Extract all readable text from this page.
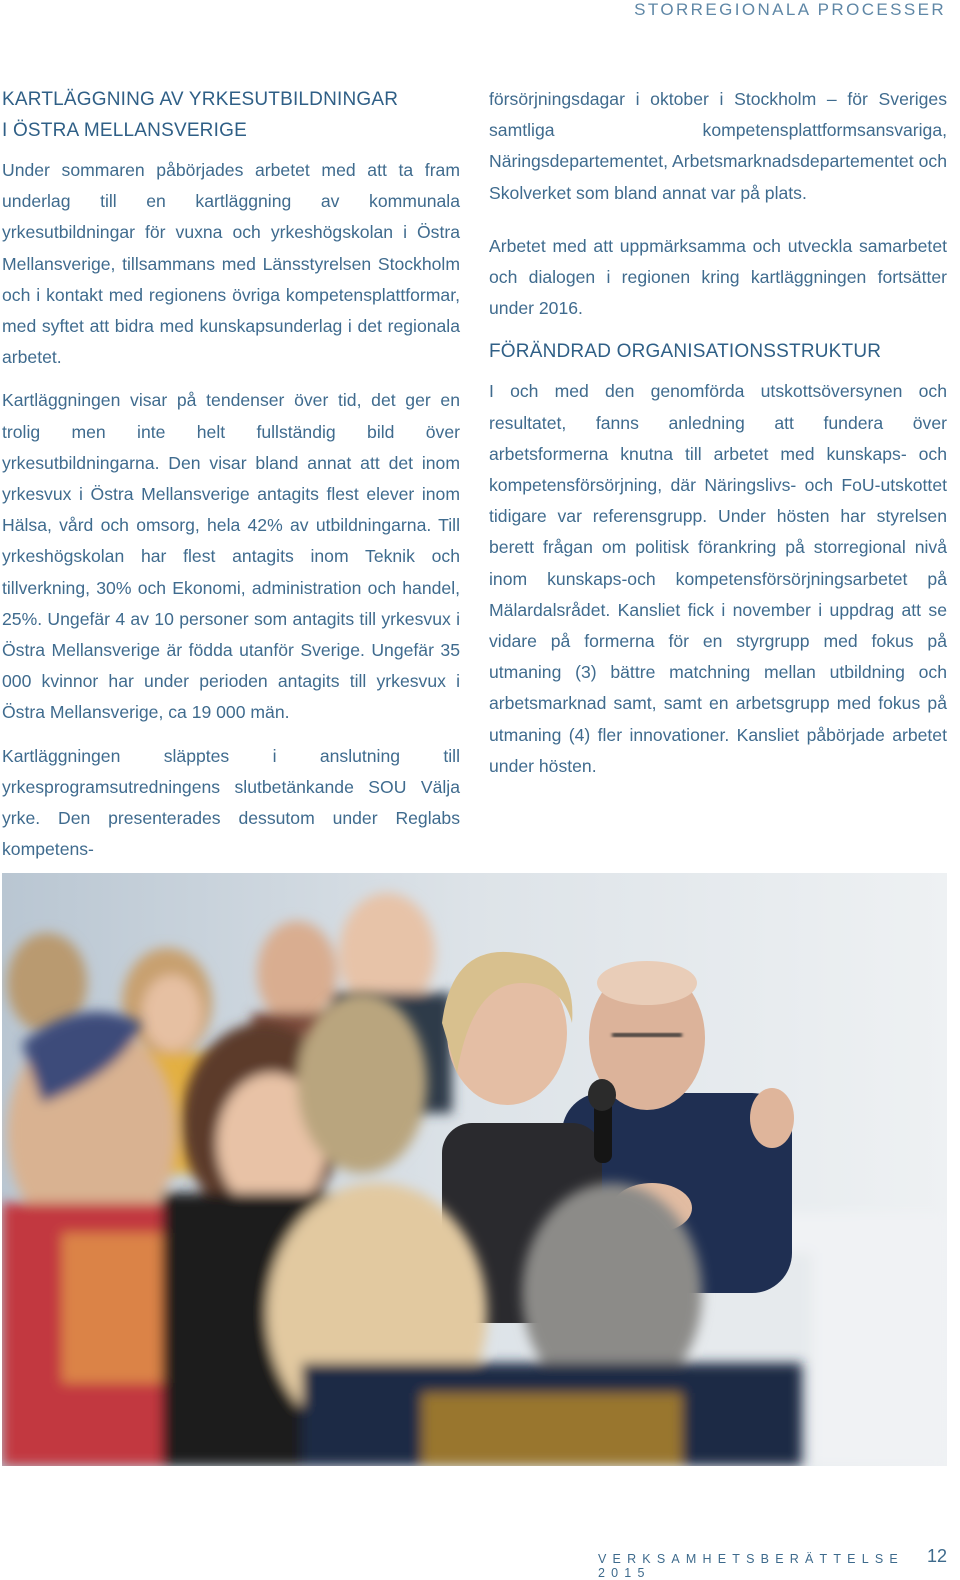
STORREGIONALA PROCESSER
KARTLÄGGNING AV YRKESUTBILDNINGAR
I ÖSTRA MELLANSVERIGE

Under sommaren påbörjades arbetet med att ta fram underlag till en kartläggning av kommunala yrkesutbildningar för vuxna och yrkeshögskolan i Östra Mellansverige, tillsammans med Länsstyrelsen Stockholm och i kontakt med regionens övriga kompetensplattformar, med syftet att bidra med kunskapsunderlag i det regionala arbetet.

Kartläggningen visar på tendenser över tid, det ger en trolig men inte helt fullständig bild över yrkesutbildningarna. Den visar bland annat att det inom yrkesvux i Östra Mellansverige antagits flest elever inom Hälsa, vård och omsorg, hela 42% av utbildningarna. Till yrkeshögskolan har flest antagits inom Teknik och tillverkning, 30% och Ekonomi, administration och handel, 25%. Ungefär 4 av 10 personer som antagits till yrkesvux i Östra Mellansverige är födda utanför Sverige. Ungefär 35 000 kvinnor har under perioden antagits till yrkesvux i Östra Mellansverige, ca 19 000 män.

Kartläggningen släpptes i anslutning till yrkesprogramsutredningens slutbetänkande SOU Välja yrke. Den presenterades dessutom under Reglabs kompetens-

försörjningsdagar i oktober i Stockholm – för Sveriges samtliga kompetensplattformsansvariga, Näringsdepartementet, Arbetsmarknadsdepartementet och Skolverket som bland annat var på plats.

Arbetet med att uppmärksamma och utveckla samarbetet och dialogen i regionen kring kartläggningen fortsätter under 2016.

FÖRÄNDRAD ORGANISATIONSSTRUKTUR

I och med den genomförda utskottsöversynen och resultatet, fanns anledning att fundera över arbetsformerna knutna till arbetet med kunskaps- och kompetensförsörjning, där Näringslivs- och FoU-utskottet tidigare var referensgrupp. Under hösten har styrelsen berett frågan om politisk förankring på storregional nivå inom kunskaps-och kompetensförsörjningsarbetet på Mälardalsrådet. Kansliet fick i november i uppdrag att se vidare på formerna för en styrgrupp med fokus på utmaning (3) bättre matchning mellan utbildning och arbetsmarknad samt, samt en arbetsgrupp med fokus på utmaning (4) fler innovationer. Kansliet påbörjade arbetet under hösten.

VERKSAMHETSBERÄTTELSE 2015
12
